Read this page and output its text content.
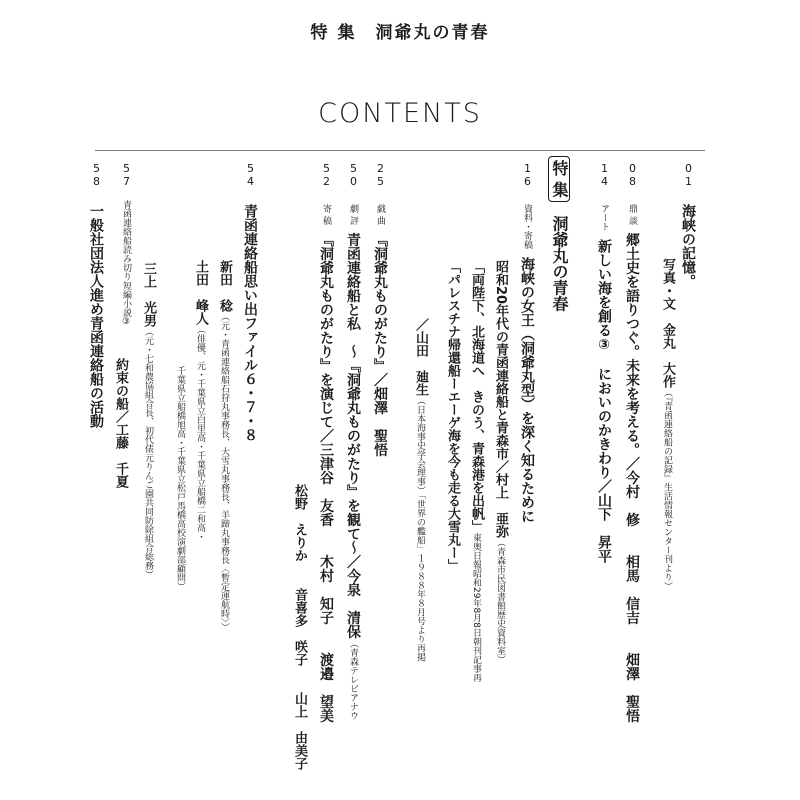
特 集　洞爺丸の青春
CONTENTS
01海峡の記憶。
写真・文　金丸　大作（『青函連絡船の記録』生活情報センター刊より）
08鼎 談郷土史を語りつぐ。未来を考える。／今村　修　　相馬　信吉　　畑澤　聖悟
14アート新しい海を創る③　においのかきわり／山下　昇平
特 集洞爺丸の青春
16資料・寄稿海峡の女王（洞爺丸型）を深く知るために
昭和20年代の青函連絡船と青森市／村上　亜弥（青森市民図書館歴史資料室）
「両陛下、北海道へ　きのう、青森港を出帆」東奥日報昭和29年8月8日朝刊記事再
「パレスチナ帰還船ーエーゲ海を今も走る大雪丸ー」
／山田　廸生（日本海事史学会理事）「世界の艦船」１９８８年８月号より再掲
25戯 曲『洞爺丸ものがたり』／畑澤　聖悟
50劇 評青函連絡船と私　〜『洞爺丸ものがたり』を観て〜／今泉　清保（青森テレビアナウ
52寄 稿『洞爺丸ものがたり』を演じて／三津谷　友香　　木村　知子　　渡邉　望美
松野　えりか　　音喜多　咲子　　山上　由美子
54青函連絡船思い出ファイル６・７・８
新田　稔（元・青函連絡船石狩丸事務長、大雪丸事務長、羊蹄丸事務長〈暫定運航時〉）
土田　峰人（俳優、元・千葉県立白里高・千葉県立船橋二和高・
千葉県立船橋旭高・千葉県立松戸馬橋高校演劇部顧問）
57青函連絡船読み切り短編小説③ 三上　光男（元・七和農協組合長、初代俵元りんご園共同防除組合総務）
約束の船／工藤　千夏
58一般社団法人進め青函連絡船の活動
